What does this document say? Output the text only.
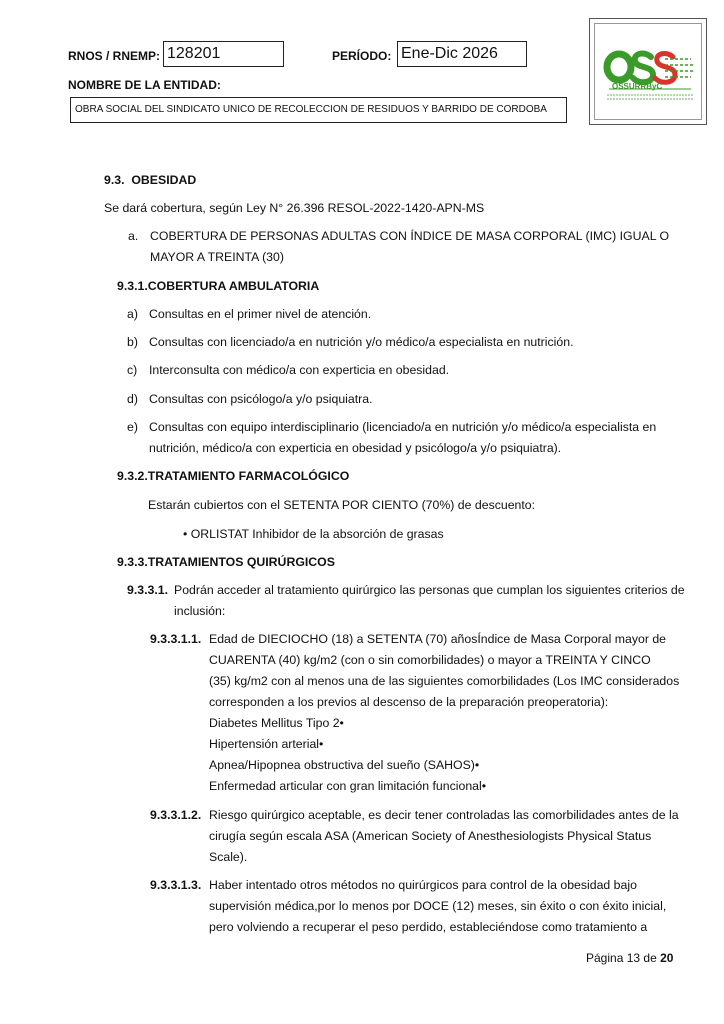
RNOS / RNEMP: 128201	PERÍODO: Ene-Dic 2026
NOMBRE DE LA ENTIDAD:
OBRA SOCIAL DEL SINDICATO UNICO DE RECOLECCION DE RESIDUOS Y BARRIDO DE CORDOBA
OSSURRByC
9.3. OBESIDAD
Se dará cobertura, según Ley N° 26.396 RESOL-2022-1420-APN-MS
a. COBERTURA DE PERSONAS ADULTAS CON ÍNDICE DE MASA CORPORAL (IMC) IGUAL O
MAYOR A TREINTA (30)
9.3.1.COBERTURA AMBULATORIA
a) Consultas en el primer nivel de atención.
b) Consultas con licenciado/a en nutrición y/o médico/a especialista en nutrición.
c) Interconsulta con médico/a con experticia en obesidad.
d) Consultas con psicólogo/a y/o psiquiatra.
e) Consultas con equipo interdisciplinario (licenciado/a en nutrición y/o médico/a especialista en
nutrición, médico/a con experticia en obesidad y psicólogo/a y/o psiquiatra).
9.3.2.TRATAMIENTO FARMACOLÓGICO
Estarán cubiertos con el SETENTA POR CIENTO (70%) de descuento:
• ORLISTAT Inhibidor de la absorción de grasas
9.3.3.TRATAMIENTOS QUIRÚRGICOS
9.3.3.1. Podrán acceder al tratamiento quirúrgico las personas que cumplan los siguientes criterios de
inclusión:
9.3.3.1.1. Edad de DIECIOCHO (18) a SETENTA (70) añosÍndice de Masa Corporal mayor de
CUARENTA (40) kg/m2 (con o sin comorbilidades) o mayor a TREINTA Y CINCO
(35) kg/m2 con al menos una de las siguientes comorbilidades (Los IMC considerados
corresponden a los previos al descenso de la preparación preoperatoria):
Diabetes Mellitus Tipo 2•
Hipertensión arterial•
Apnea/Hipopnea obstructiva del sueño (SAHOS)•
Enfermedad articular con gran limitación funcional•
9.3.3.1.2. Riesgo quirúrgico aceptable, es decir tener controladas las comorbilidades antes de la
cirugía según escala ASA (American Society of Anesthesiologists Physical Status
Scale).
9.3.3.1.3. Haber intentado otros métodos no quirúrgicos para control de la obesidad bajo
supervisión médica,por lo menos por DOCE (12) meses, sin éxito o con éxito inicial,
pero volviendo a recuperar el peso perdido, estableciéndose como tratamiento a
Página 13 de 20
